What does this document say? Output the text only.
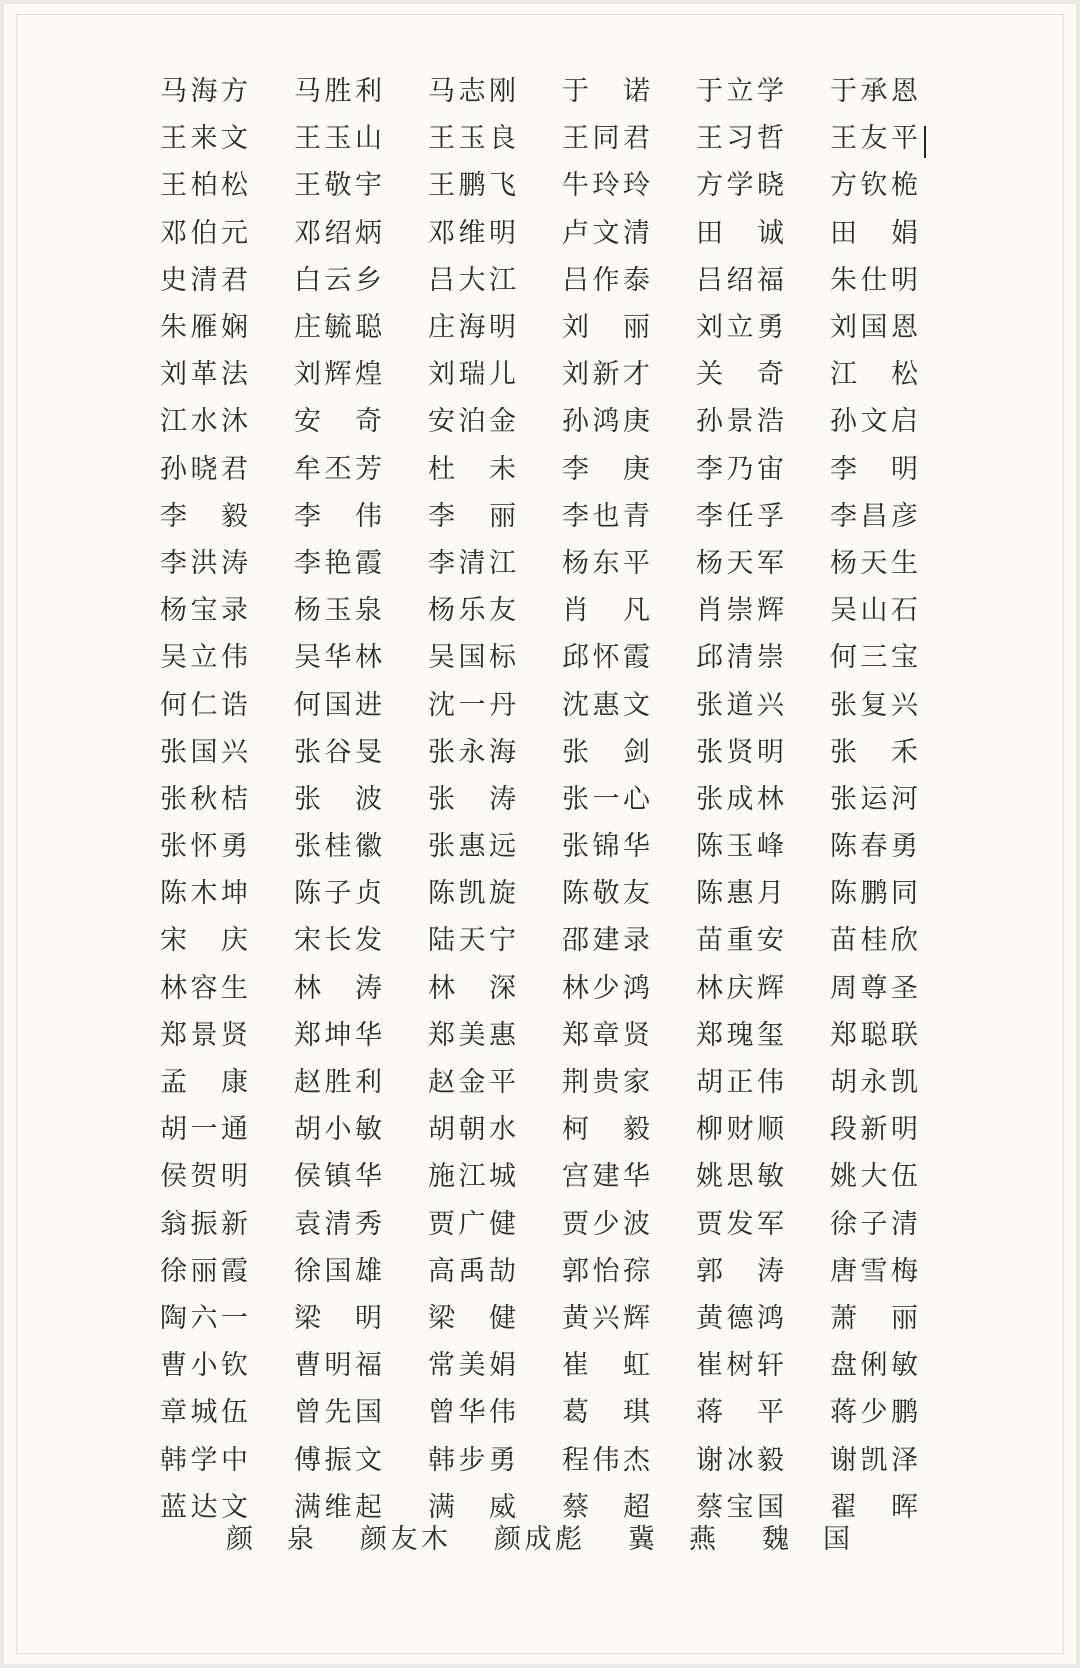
马 海 方 马 胜 利 马 志 刚 于 诺 于 立 学 于 承 恩
王 来 文 王 玉 山 王 玉 良 王 同 君 王 习 哲 王 友 平
王 柏 松 王 敬 宇 王 鹏 飞 牛 玲 玲 方 学 晓 方 钦 桅
邓 伯 元 邓 绍 炳 邓 维 明 卢 文 清 田 诚 田 娟
史 清 君 白 云 乡 吕 大 江 吕 作 泰 吕 绍 福 朱 仕 明
朱 雁 娴 庄 毓 聪 庄 海 明 刘 丽 刘 立 勇 刘 国 恩
刘 革 法 刘 辉 煌 刘 瑞 儿 刘 新 才 关 奇 江 松
江 水 沐 安 奇 安 泊 金 孙 鸿 庚 孙 景 浩 孙 文 启
孙 晓 君 牟 丕 芳 杜 未 李 庚 李 乃 宙 李 明
李 毅 李 伟 李 丽 李 也 青 李 任 孚 李 昌 彦
李 洪 涛 李 艳 霞 李 清 江 杨 东 平 杨 天 军 杨 天 生
杨 宝 录 杨 玉 泉 杨 乐 友 肖 凡 肖 崇 辉 吴 山 石
吴 立 伟 吴 华 林 吴 国 标 邱 怀 霞 邱 清 崇 何 三 宝
何 仁 诰 何 国 进 沈 一 丹 沈 惠 文 张 道 兴 张 复 兴
张 国 兴 张 谷 旻 张 永 海 张 剑 张 贤 明 张 禾
张 秋 桔 张 波 张 涛 张 一 心 张 成 林 张 运 河
张 怀 勇 张 桂 徽 张 惠 远 张 锦 华 陈 玉 峰 陈 春 勇
陈 木 坤 陈 子 贞 陈 凯 旋 陈 敬 友 陈 惠 月 陈 鹏 同
宋 庆 宋 长 发 陆 天 宁 邵 建 录 苗 重 安 苗 桂 欣
林 容 生 林 涛 林 深 林 少 鸿 林 庆 辉 周 尊 圣
郑 景 贤 郑 坤 华 郑 美 惠 郑 章 贤 郑 瑰 玺 郑 聪 联
孟 康 赵 胜 利 赵 金 平 荆 贵 家 胡 正 伟 胡 永 凯
胡 一 通 胡 小 敏 胡 朝 水 柯 毅 柳 财 顺 段 新 明
侯 贺 明 侯 镇 华 施 江 城 宫 建 华 姚 思 敏 姚 大 伍
翁 振 新 袁 清 秀 贾 广 健 贾 少 波 贾 发 军 徐 子 清
徐 丽 霞 徐 国 雄 高 禹 劼 郭 怡 孮 郭 涛 唐 雪 梅
陶 六 一 梁 明 梁 健 黄 兴 辉 黄 德 鸿 萧 丽
曹 小 钦 曹 明 福 常 美 娟 崔 虹 崔 树 轩 盘 俐 敏
章 城 伍 曾 先 国 曾 华 伟 葛 琪 蒋 平 蒋 少 鹏
韩 学 中 傅 振 文 韩 步 勇 程 伟 杰 谢 冰 毅 谢 凯 泽
蓝 达 文 满 维 起 满 威 蔡 超 蔡 宝 国 翟 晖
颜 泉 颜 友 木 颜 成 彪 冀 燕 魏 国
